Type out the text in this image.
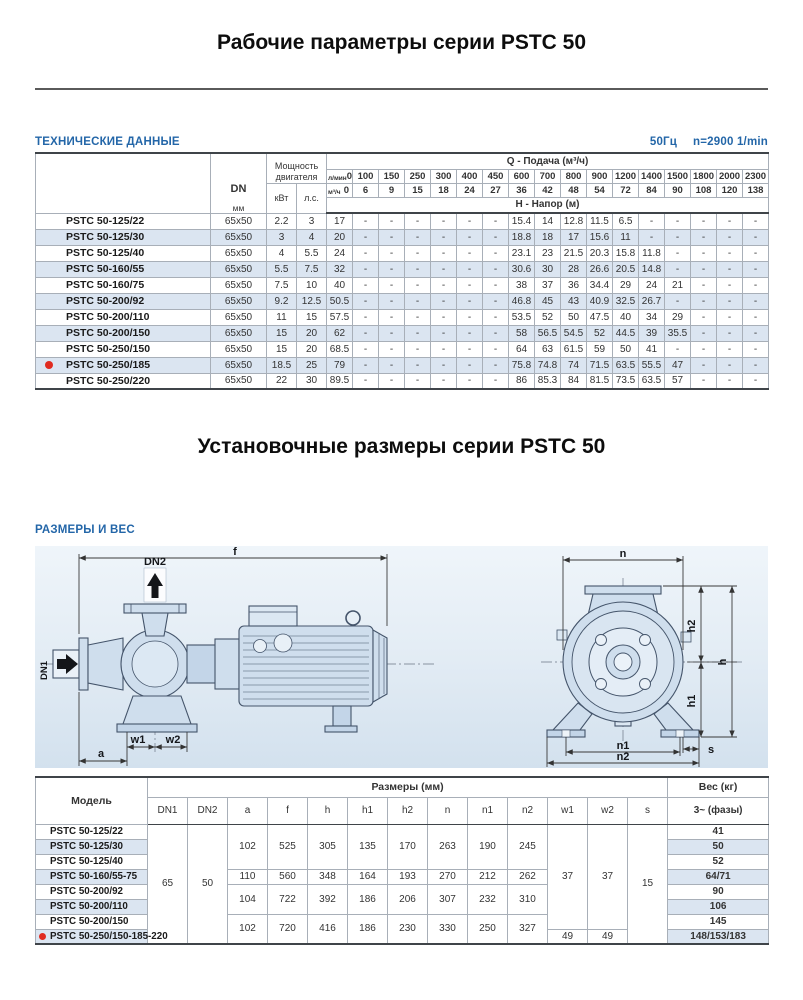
Рабочие параметры серии PSTC 50
ТЕХНИЧЕСКИЕ ДАННЫЕ	50Гц n=2900 1/min

	DN
мм	Мощность двигателя		Q - Подача (м³/ч)																

				л/мин 0	100	150	250	300	400	450	600	700	800	900	1200	1400	1500	1800	2000	2300
		кВт	л.с.	м³/ч 0	6	9	15	18	24	27	36	42	48	54	72	84	90	108	120	138
				H - Напор (м)																
PSTC 50-125/22	65x50	2.2	3	17	-	-	-	-	-	-	15.4	14	12.8	11.5	6.5	-	-	-	-	-
PSTC 50-125/30	65x50	3	4	20	-	-	-	-	-	-	18.8	18	17	15.6	11	-	-	-	-	-
PSTC 50-125/40	65x50	4	5.5	24	-	-	-	-	-	-	23.1	23	21.5	20.3	15.8	11.8	-	-	-	-
PSTC 50-160/55	65x50	5.5	7.5	32	-	-	-	-	-	-	30.6	30	28	26.6	20.5	14.8	-	-	-	-
PSTC 50-160/75	65x50	7.5	10	40	-	-	-	-	-	-	38	37	36	34.4	29	24	21	-	-	-
PSTC 50-200/92	65x50	9.2	12.5	50.5	-	-	-	-	-	-	46.8	45	43	40.9	32.5	26.7	-	-	-	-
PSTC 50-200/110	65x50	11	15	57.5	-	-	-	-	-	-	53.5	52	50	47.5	40	34	29	-	-	-
PSTC 50-200/150	65x50	15	20	62	-	-	-	-	-	-	58	56.5	54.5	52	44.5	39	35.5	-	-	-
PSTC 50-250/150	65x50	15	20	68.5	-	-	-	-	-	-	64	63	61.5	59	50	41	-	-	-	-

PSTC 50-250/185	65x50	18.5	25	79	-	-	-	-	-	-	75.8	74.8	74	71.5	63.5	55.5	47	-	-	-
PSTC 50-250/220	65x50	22	30	89.5	-	-	-	-	-	-	86	85.3	84	81.5	73.5	63.5	57	-	-	-
Установочные размеры серии PSTC 50
РАЗМЕРЫ И ВЕС
f
DN2
DN1
w1 w2
a
n
h2
h1
h
s
n1
n2
Модель	Размеры (мм)													Вес (кг)
	DN1	DN2	a	f	h	h1	h2	n	n1	n2	w1	w2	s	3~ (фазы)
PSTC 50-125/22	65	50	102	525	305	135	170	263	190	245	37	37	15	41
PSTC 50-125/30														50
PSTC 50-125/40														52
PSTC 50-160/55-75			110	560	348	164	193	270	212	262				64/71
PSTC 50-200/92			104	722	392	186	206	307	232	310				90
PSTC 50-200/110														106
PSTC 50-200/150			102	720	416	186	230	330	250	327				145

PSTC 50-250/150-185-220											49	49		148/153/183
